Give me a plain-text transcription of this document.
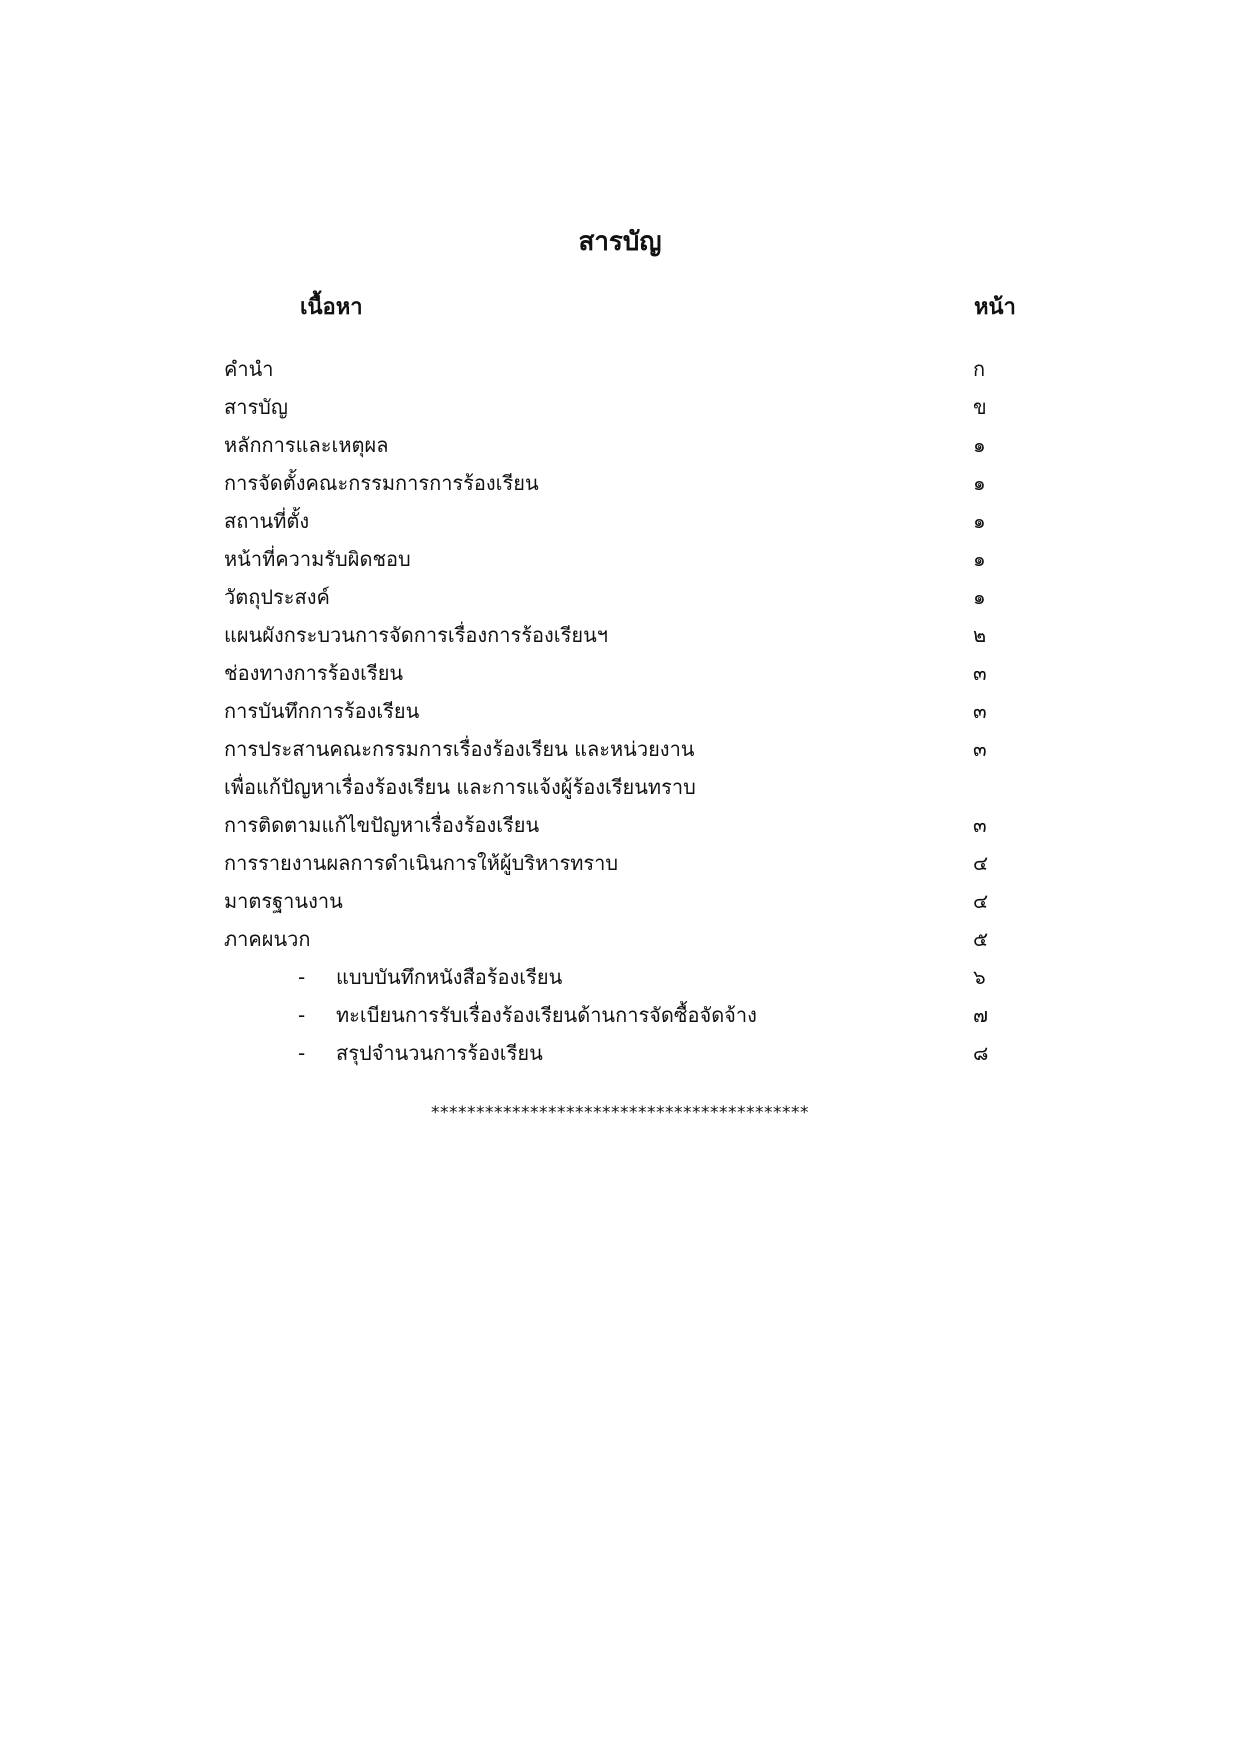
สารบัญ
เนื้อหา	หน้า
คำนำ	ก
สารบัญ	ข
หลักการและเหตุผล	๑
การจัดตั้งคณะกรรมการการร้องเรียน	๑
สถานที่ตั้ง	๑
หน้าที่ความรับผิดชอบ	๑
วัตถุประสงค์	๑
แผนผังกระบวนการจัดการเรื่องการร้องเรียนฯ	๒
ช่องทางการร้องเรียน	๓
การบันทึกการร้องเรียน	๓
การประสานคณะกรรมการเรื่องร้องเรียน และหน่วยงาน	๓
เพื่อแก้ปัญหาเรื่องร้องเรียน และการแจ้งผู้ร้องเรียนทราบ
การติดตามแก้ไขปัญหาเรื่องร้องเรียน	๓
การรายงานผลการดำเนินการให้ผู้บริหารทราบ	๔
มาตรฐานงาน	๔
ภาคผนวก	๕
- แบบบันทึกหนังสือร้องเรียน	๖
- ทะเบียนการรับเรื่องร้องเรียนด้านการจัดซื้อจัดจ้าง	๗
- สรุปจำนวนการร้องเรียน	๘
******************************************
